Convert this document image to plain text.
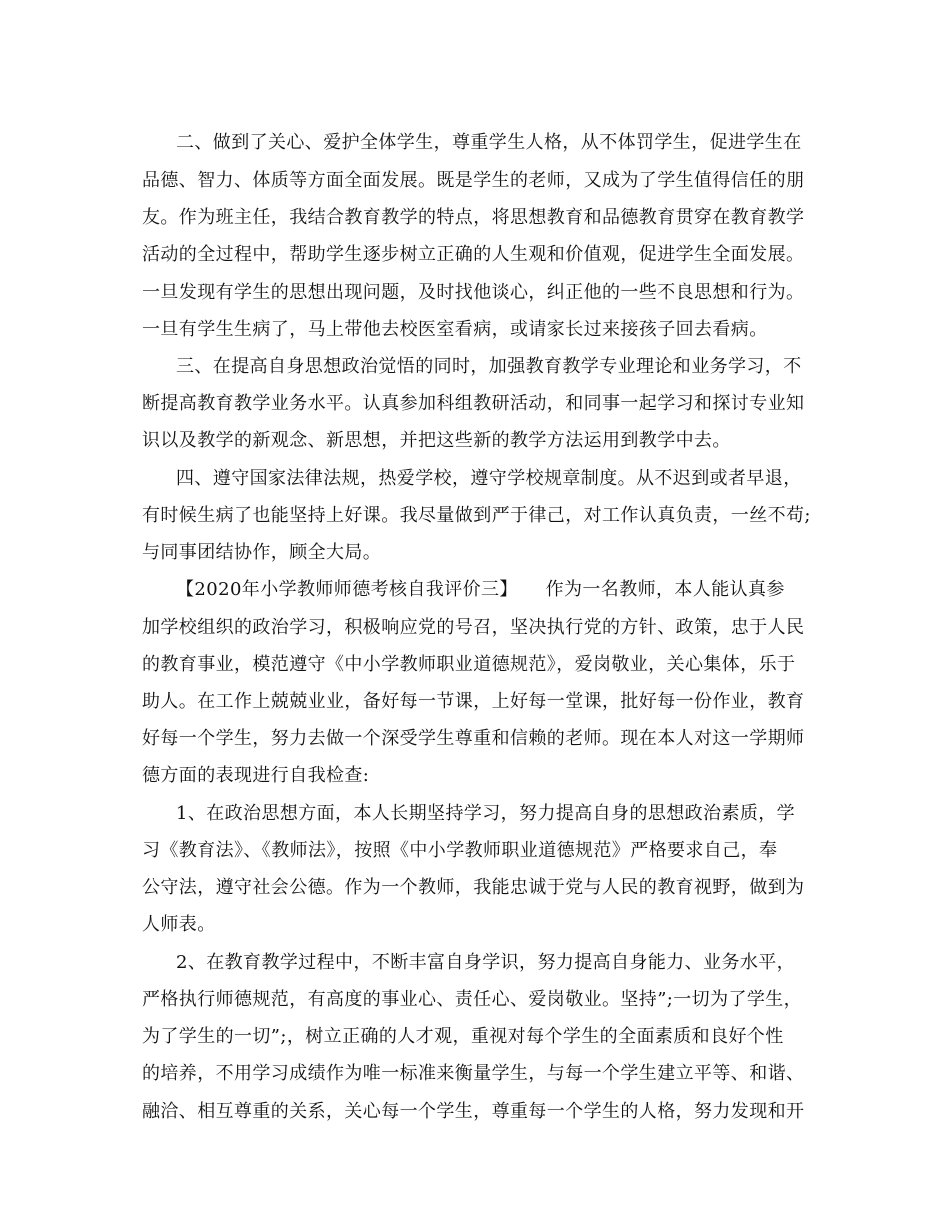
二、做到了关心、爱护全体学生，尊重学生人格，从不体罚学生，促进学生在
品德、智力、体质等方面全面发展。既是学生的老师，又成为了学生值得信任的朋
友。作为班主任，我结合教育教学的特点，将思想教育和品德教育贯穿在教育教学
活动的全过程中，帮助学生逐步树立正确的人生观和价值观，促进学生全面发展。
一旦发现有学生的思想出现问题，及时找他谈心，纠正他的一些不良思想和行为。
一旦有学生生病了，马上带他去校医室看病，或请家长过来接孩子回去看病。
三、在提高自身思想政治觉悟的同时，加强教育教学专业理论和业务学习，不
断提高教育教学业务水平。认真参加科组教研活动，和同事一起学习和探讨专业知
识以及教学的新观念、新思想，并把这些新的教学方法运用到教学中去。
四、遵守国家法律法规，热爱学校，遵守学校规章制度。从不迟到或者早退，
有时候生病了也能坚持上好课。我尽量做到严于律己，对工作认真负责，一丝不苟;
与同事团结协作，顾全大局。
【2020年小学教师师德考核自我评价三】　　作为一名教师，本人能认真参
加学校组织的政治学习，积极响应党的号召，坚决执行党的方针、政策，忠于人民
的教育事业，模范遵守《中小学教师职业道德规范》，爱岗敬业，关心集体，乐于
助人。在工作上兢兢业业，备好每一节课，上好每一堂课，批好每一份作业，教育
好每一个学生，努力去做一个深受学生尊重和信赖的老师。现在本人对这一学期师
德方面的表现进行自我检查:
1、在政治思想方面，本人长期坚持学习，努力提高自身的思想政治素质，学
习《教育法》、《教师法》，按照《中小学教师职业道德规范》严格要求自己，奉
公守法，遵守社会公德。作为一个教师，我能忠诚于党与人民的教育视野，做到为
人师表。
2、在教育教学过程中，不断丰富自身学识，努力提高自身能力、业务水平，
严格执行师德规范，有高度的事业心、责任心、爱岗敬业。坚持”;一切为了学生，
为了学生的一切”;，树立正确的人才观，重视对每个学生的全面素质和良好个性
的培养，不用学习成绩作为唯一标准来衡量学生，与每一个学生建立平等、和谐、
融洽、相互尊重的关系，关心每一个学生，尊重每一个学生的人格，努力发现和开
